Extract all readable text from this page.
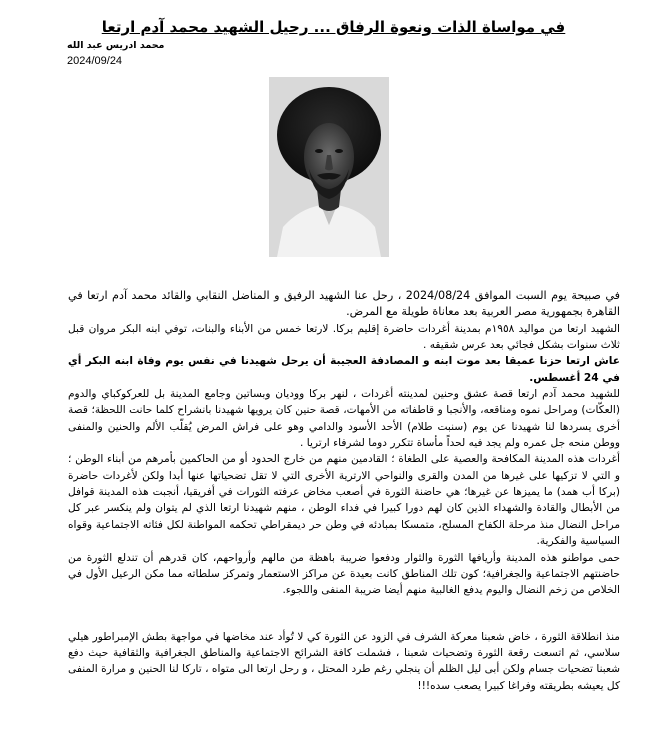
في مواساة الذات ونعوة الرفاق ... رحيل الشهيد محمد آدم ارتعا
محمد ادريس عبد الله
2024/09/24

في صبيحة يوم السبت الموافق 2024/08/24 ، رحل عنا الشهيد الرفيق و المناضل النقابي والقائد محمد آدم ارتعا في القاهرة بجمهورية مصر العربية بعد معاناة طويلة مع المرض.

الشهيد ارتعا من مواليد ١٩٥٨م بمدينة أغردات حاضرة إقليم بركا. لارتعا خمس من الأبناء والبنات، توفي ابنه البكر مروان قبل ثلاث سنوات بشكل فجائي بعد عرس شقيقه .

عاش ارتعا حزنا عميقا بعد موت ابنه و المصادفة العجيبة أن يرحل شهيدنا في نفس يوم وفاة ابنه البكر أي في 24 أغسطس.

للشهيد محمد آدم ارتعا قصة عشق وحنين لمدينته أغردات ، لنهر بركا ووديان وبساتين وجامع المدينة بل للعركوكباي والدوم (العكّات) ومراحل نموه ومناقعه، والأنجبا و قاطفاته من الأمهات، قصة حنين كان يرويها شهيدنا بانشراح كلما حانت اللحظة؛ قصة أخرى يسردها لنا شهيدنا عن يوم (سنبت طلام) الأحد الأسود والدامي وهو على فراش المرض يُقلّب الألم والحنين والمنفى ووطن منحه جل عمره ولم يجد فيه لحداً مأساة تتكرر دوما لشرفاء ارتريا .

أغردات هذه المدينة المكافحة والعصية على الطغاة ؛ القادمين منهم من خارج الحدود أو من الحاكمين بأمرهم من أبناء الوطن ؛ و التي لا تزكيها على غيرها من المدن والقرى والنواحي الارترية الأخرى التي لا تقل تضحياتها عنها أبدا ولكن لأغردات حاضرة (بركا أب همد) ما يميزها عن غيرها؛ هي حاضنة الثورة في أصعب مخاض عرفته الثورات في أفريقيا، أنجبت هذه المدينة قوافل من الأبطال والقادة والشهداء الذين كان لهم دورا كبيرا في فداء الوطن ، منهم شهيدنا ارتعا الذي لم يتوان ولم ينكسر عبر كل مراحل النضال منذ مرحلة الكفاح المسلح، متمسكا بمبادئه في وطن حر ديمقراطي تحكمه المواطنة لكل فئاته الاجتماعية وقواه السياسية والفكرية.

حمى مواطنو هذه المدينة وأريافها الثورة والثوار ودفعوا ضريبة باهظة من مالهم وأرواحهم، كان قدرهم أن تندلع الثورة من حاضنتهم الاجتماعية والجغرافية؛ كون تلك المناطق كانت بعيدة عن مراكز الاستعمار وتمركز سلطاته مما مكن الرعيل الأول في الخلاص من زخم النضال واليوم يدفع الغالبية منهم أيضا ضريبة المنفى واللجوء.

منذ انطلاقة الثورة ، خاض شعبنا معركة الشرف في الزود عن الثورة كي لا تُوأد عند مخاضها في مواجهة بطش الإمبراطور هيلي سلاسي، ثم اتسعت رقعة الثورة وتضحيات شعبنا ، فشملت كافة الشرائح الاجتماعية والمناطق الجغرافية والثقافية حيث دفع شعبنا تضحيات جسام ولكن أبى ليل الظلم أن ينجلي رغم طرد المحتل ، و رحل ارتعا الى متواه ، تاركا لنا الحنين و مرارة المنفى كل يعيشه بطريقته وفراغا كبيرا يصعب سده!!!
